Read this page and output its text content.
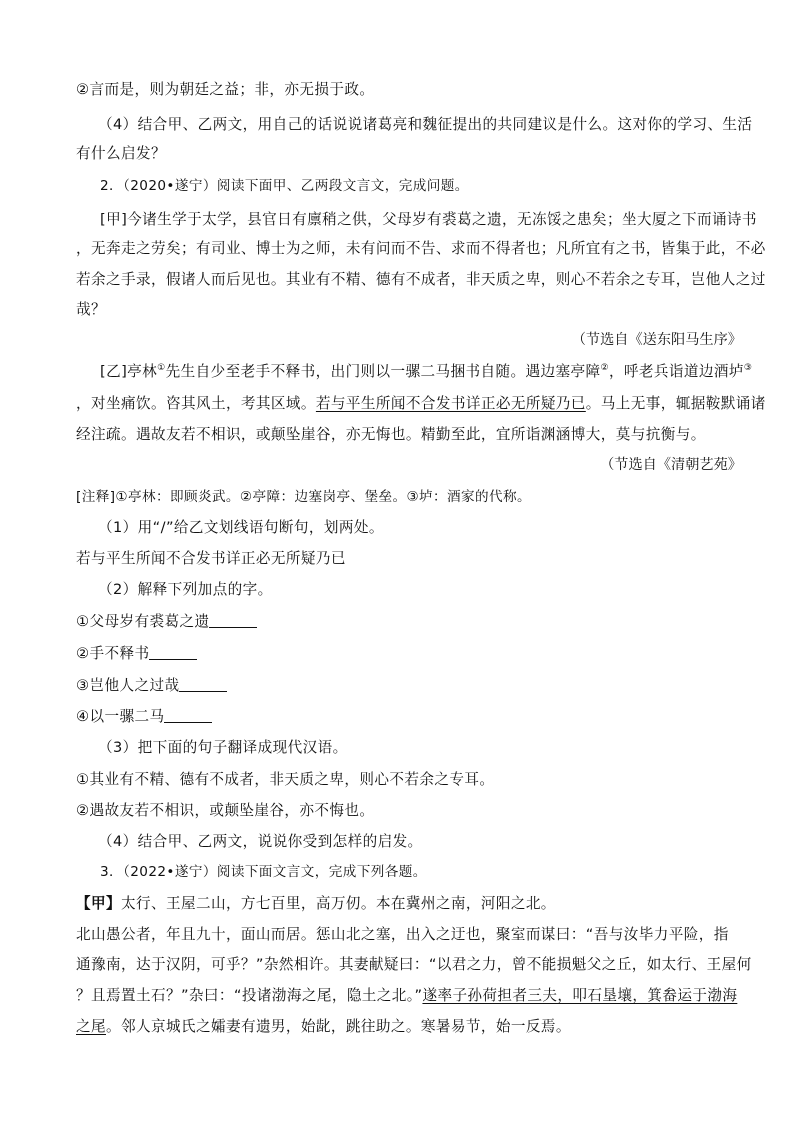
②言而是，则为朝廷之益；非，亦无损于政。
（4）结合甲、乙两文，用自己的话说说诸葛亮和魏征提出的共同建议是什么。这对你的学习、生活
有什么启发？
2．（2020•遂宁）阅读下面甲、乙两段文言文，完成问题。
[甲]今诸生学于太学，县官日有廪稍之供，父母岁有裘葛之遗，无冻馁之患矣；坐大厦之下而诵诗书
，无奔走之劳矣；有司业、博士为之师，未有问而不告、求而不得者也；凡所宜有之书，皆集于此，不必
若余之手录，假诸人而后见也。其业有不精、德有不成者，非天质之卑，则心不若余之专耳，岂他人之过
哉？
（节选自《送东阳马生序》
[乙]亭林①先生自少至老手不释书，出门则以一骡二马捆书自随。遇边塞亭障②，呼老兵诣道边酒垆③
，对坐痛饮。咨其风土，考其区域。若与平生所闻不合发书详正必无所疑乃已。马上无事，辄据鞍默诵诸
经注疏。遇故友若不相识，或颠坠崖谷，亦无悔也。精勤至此，宜所诣渊涵博大，莫与抗衡与。
（节选自《清朝艺苑》
[注释]①亭林：即顾炎武。②亭障：边塞岗亭、堡垒。③垆：酒家的代称。
（1）用“/”给乙文划线语句断句，划两处。
若与平生所闻不合发书详正必无所疑乃已
（2）解释下列加点的字。
①父母岁有裘葛之遗
②手不释书
③岂他人之过哉
④以一骡二马
（3）把下面的句子翻译成现代汉语。
①其业有不精、德有不成者，非天质之卑，则心不若余之专耳。
②遇故友若不相识，或颠坠崖谷，亦不悔也。
（4）结合甲、乙两文，说说你受到怎样的启发。
3．（2022•遂宁）阅读下面文言文，完成下列各题。
【甲】太行、王屋二山，方七百里，高万仞。本在冀州之南，河阳之北。
北山愚公者，年且九十，面山而居。惩山北之塞，出入之迂也，聚室而谋曰：“吾与汝毕力平险，指
通豫南，达于汉阴，可乎？”杂然相许。其妻献疑曰：“以君之力，曾不能损魁父之丘，如太行、王屋何
？且焉置土石？”杂曰：“投诸渤海之尾，隐土之北。”遂率子孙荷担者三夫，叩石垦壤，箕畚运于渤海
之尾。邻人京城氏之孀妻有遗男，始龀，跳往助之。寒暑易节，始一反焉。
